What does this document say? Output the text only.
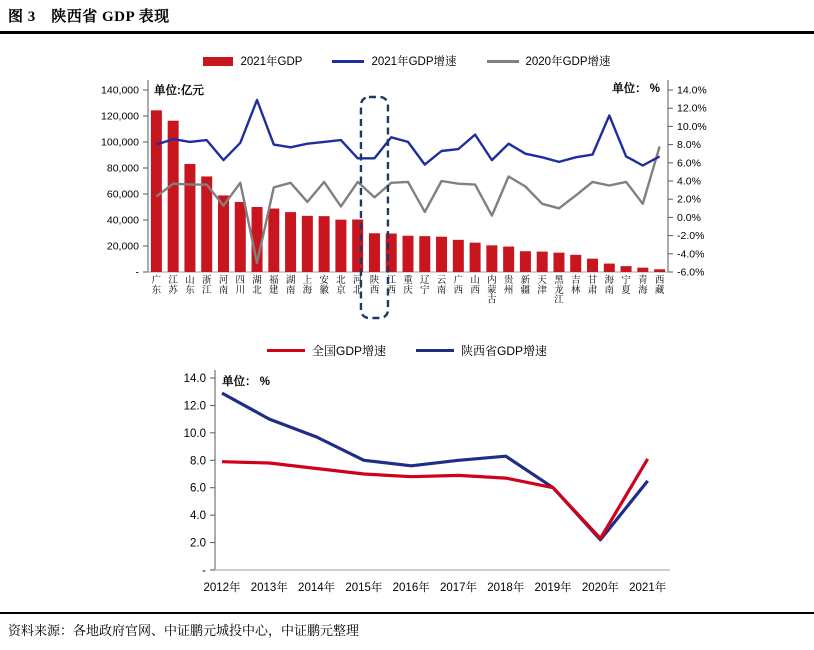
图 3　陕西省 GDP 表现
2021年GDP	2021年GDP增速	2020年GDP增速
140,000
120,000
100,000
80,000
60,000
40,000
20,000
-
14.0%
12.0%
10.0%
8.0%
6.0%
4.0%
2.0%
0.0%
-2.0%
-4.0%
-6.0%
单位:亿元	单位： %
广东
江苏
山东
浙江
河南
四川
湖北
福建
湖南
上海
安徽
北京
河北
陕西
江西
重庆
辽宁
云南
广西
山西
内蒙古
贵州
新疆
天津
黑龙江
吉林
甘肃
海南
宁夏
青海
西藏
全国GDP增速	陕西省GDP增速
14.0
12.0
10.0
8.0
6.0
4.0
2.0
-
单位： %
2012年 2013年 2014年 2015年 2016年 2017年 2018年 2019年 2020年 2021年
资料来源：各地政府官网、中证鹏元城投中心，中证鹏元整理
